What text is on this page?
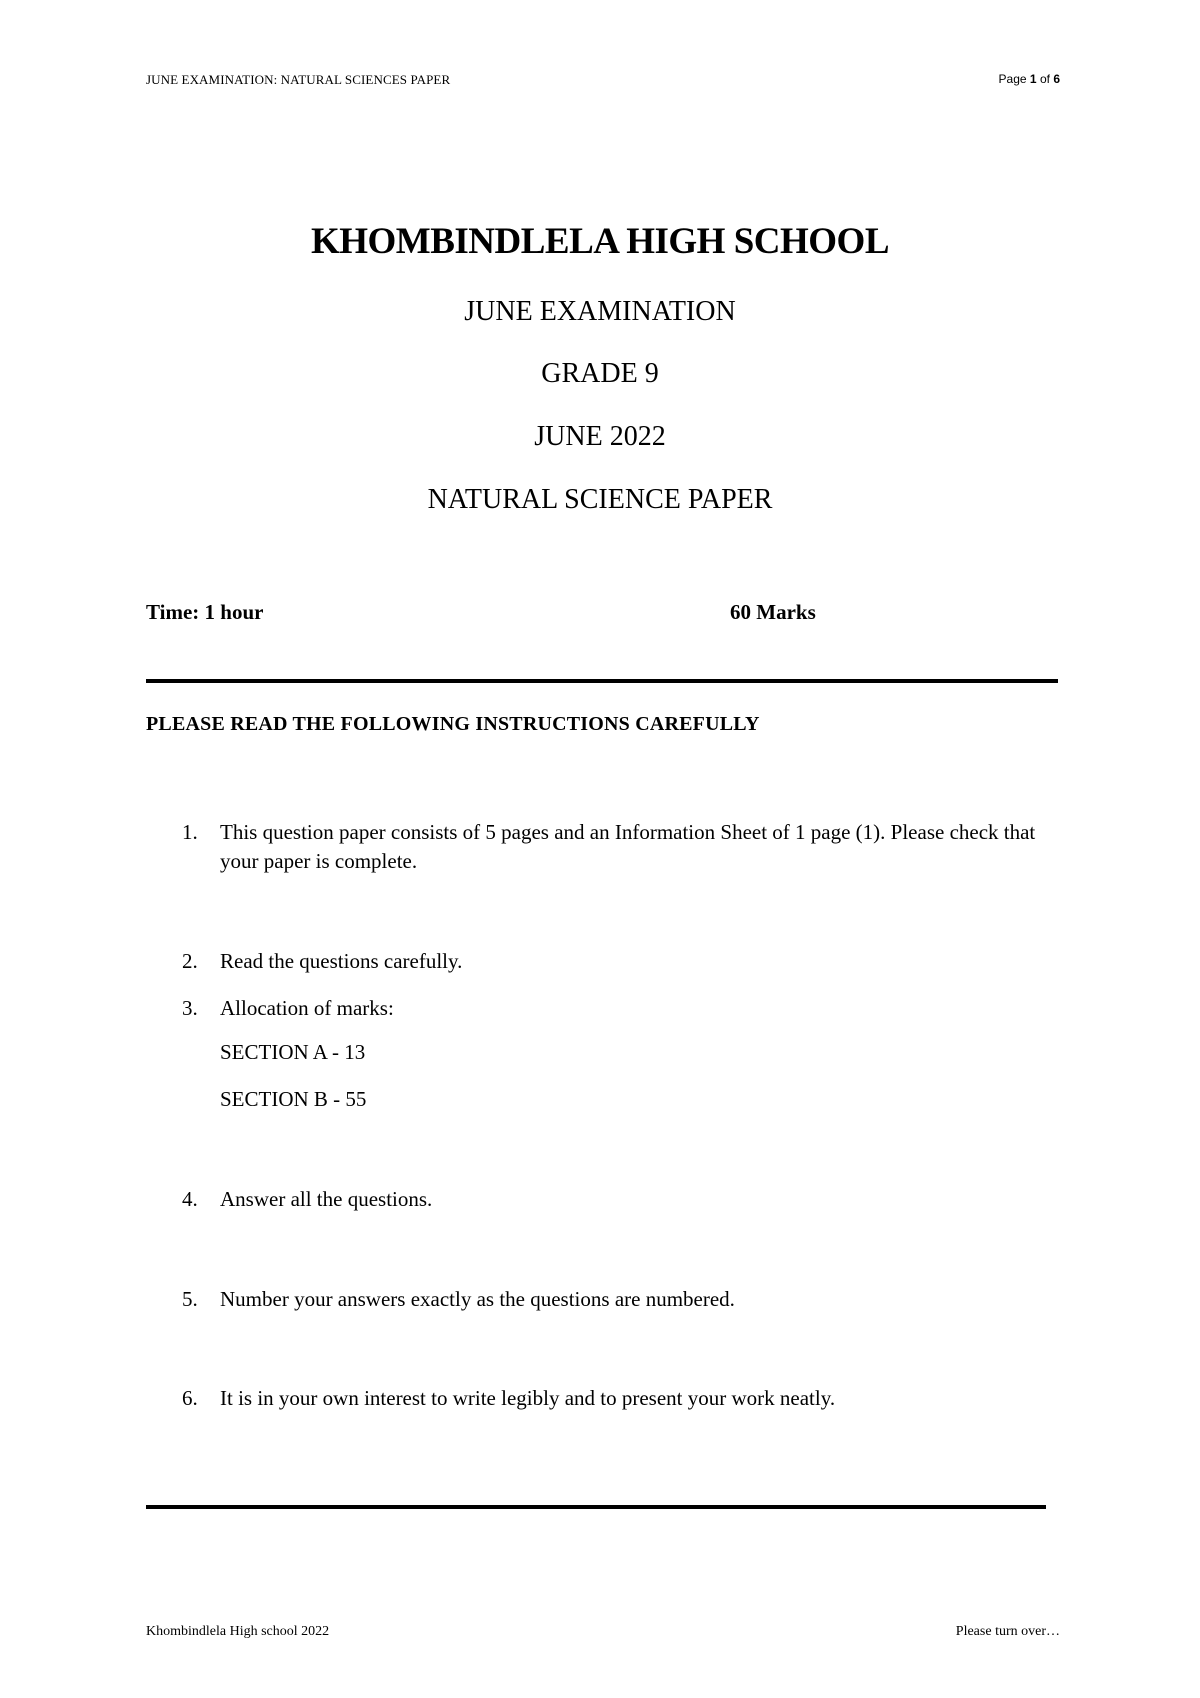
JUNE EXAMINATION: NATURAL SCIENCES PAPER	Page 1 of 6
KHOMBINDLELA HIGH SCHOOL
JUNE EXAMINATION
GRADE 9
JUNE 2022
NATURAL SCIENCE PAPER
Time: 1 hour	60 Marks
PLEASE READ THE FOLLOWING INSTRUCTIONS CAREFULLY
1.	This question paper consists of 5 pages and an Information Sheet of 1 page (1). Please check that your paper is complete.
2.	Read the questions carefully.
3.	Allocation of marks:
SECTION A - 13
SECTION B - 55
4.	Answer all the questions.
5.	Number your answers exactly as the questions are numbered.
6.	It is in your own interest to write legibly and to present your work neatly.
Khombindlela High school 2022	Please turn over…
